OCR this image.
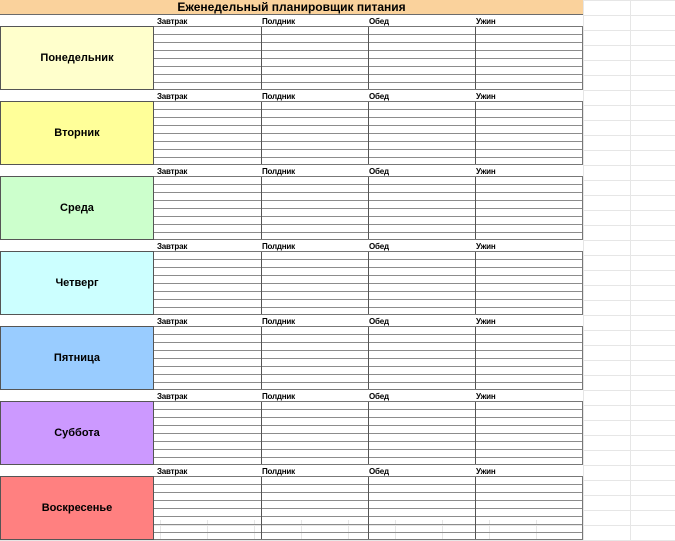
Еженедельный планировщик питания
Завтрак	Полдник	Обед	Ужин
Понедельник
Завтрак	Полдник	Обед	Ужин
Вторник
Завтрак	Полдник	Обед	Ужин
Среда
Завтрак	Полдник	Обед	Ужин
Четверг
Завтрак	Полдник	Обед	Ужин
Пятница
Завтрак	Полдник	Обед	Ужин
Суббота
Завтрак	Полдник	Обед	Ужин
Воскресенье
